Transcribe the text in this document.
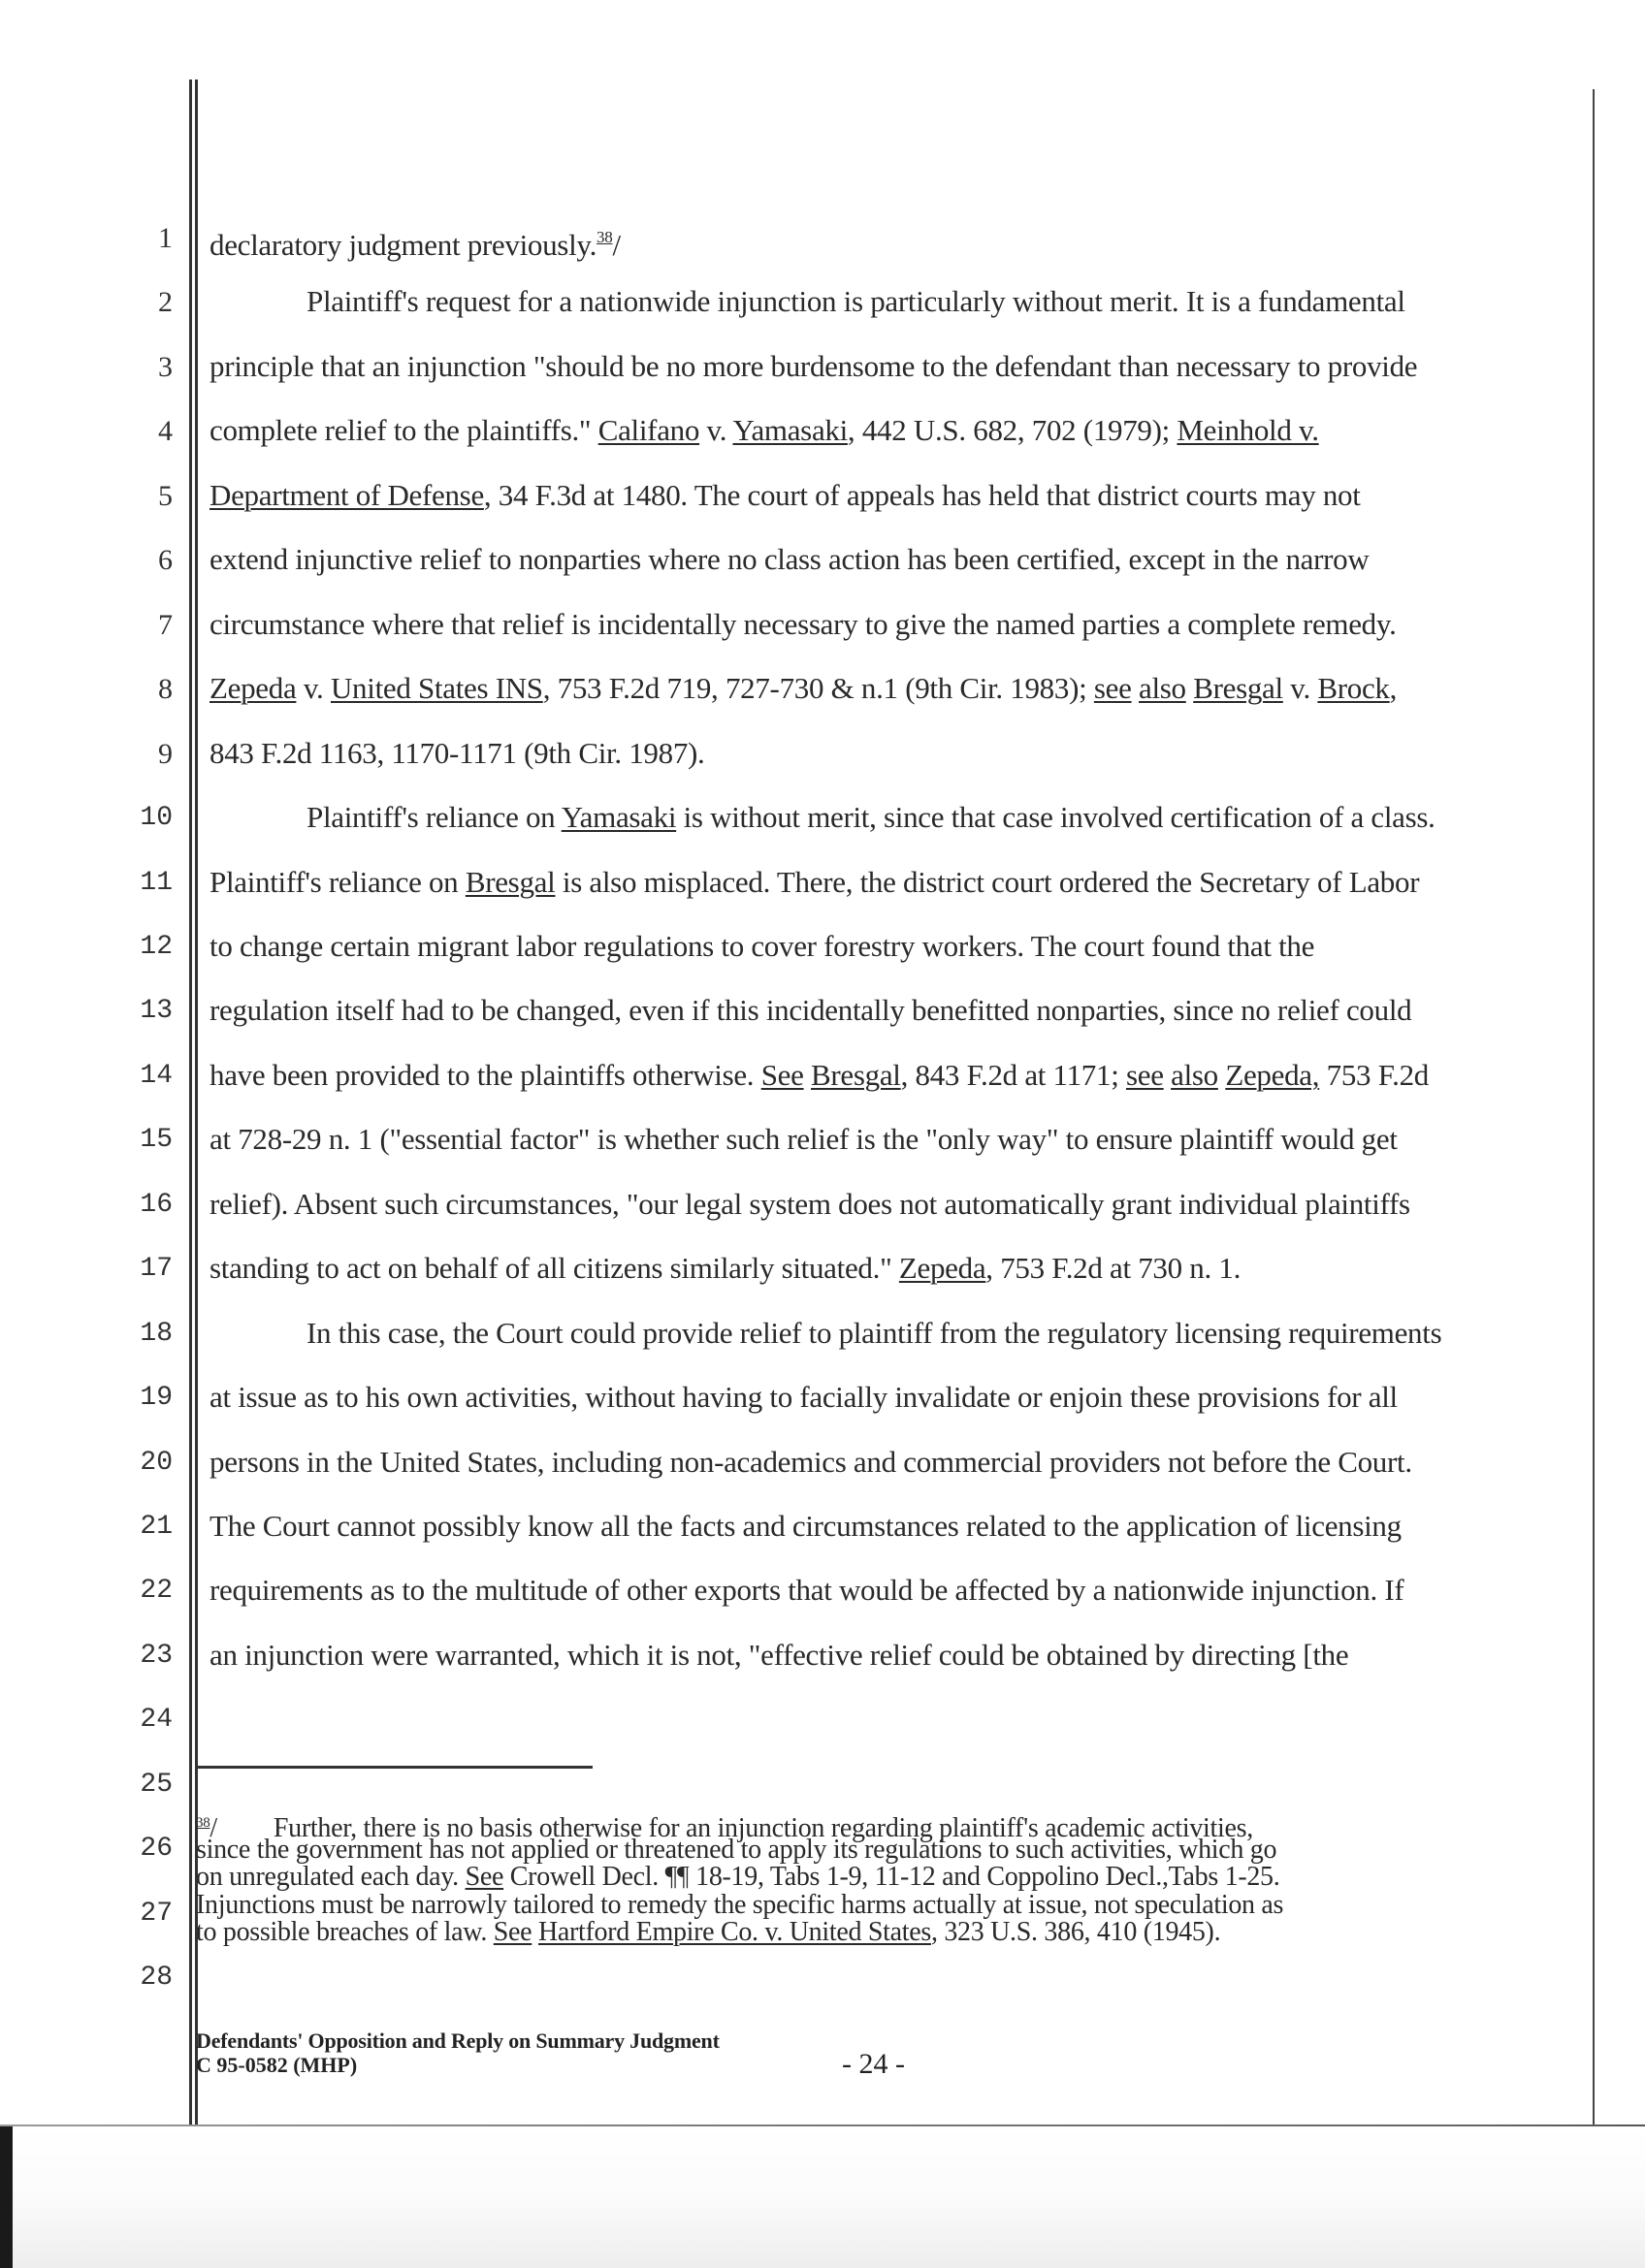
1
2
3
4
5
6
7
8
9
10
11
12
13
14
15
16
17
18
19
20
21
22
23
24
25
26
27
28
declaratory judgment previously.$^{38}$/
Plaintiff's request for a nationwide injunction is particularly without merit. It is a fundamental
principle that an injunction "should be no more burdensome to the defendant than necessary to provide
complete relief to the plaintiffs." Califano v. Yamasaki, 442 U.S. 682, 702 (1979); Meinhold v.
Department of Defense, 34 F.3d at 1480. The court of appeals has held that district courts may not
extend injunctive relief to nonparties where no class action has been certified, except in the narrow
circumstance where that relief is incidentally necessary to give the named parties a complete remedy.
Zepeda v. United States INS, 753 F.2d 719, 727-730 & n.1 (9th Cir. 1983); see also Bresgal v. Brock,
843 F.2d 1163, 1170-1171 (9th Cir. 1987).
Plaintiff's reliance on Yamasaki is without merit, since that case involved certification of a class.
Plaintiff's reliance on Bresgal is also misplaced. There, the district court ordered the Secretary of Labor
to change certain migrant labor regulations to cover forestry workers. The court found that the
regulation itself had to be changed, even if this incidentally benefitted nonparties, since no relief could
have been provided to the plaintiffs otherwise. See Bresgal, 843 F.2d at 1171; see also Zepeda, 753 F.2d
at 728-29 n. 1 ("essential factor" is whether such relief is the "only way" to ensure plaintiff would get
relief). Absent such circumstances, "our legal system does not automatically grant individual plaintiffs
standing to act on behalf of all citizens similarly situated." Zepeda, 753 F.2d at 730 n. 1.
In this case, the Court could provide relief to plaintiff from the regulatory licensing requirements
at issue as to his own activities, without having to facially invalidate or enjoin these provisions for all
persons in the United States, including non-academics and commercial providers not before the Court.
The Court cannot possibly know all the facts and circumstances related to the application of licensing
requirements as to the multitude of other exports that would be affected by a nationwide injunction. If
an injunction were warranted, which it is not, "effective relief could be obtained by directing [the
$^{38}$/ Further, there is no basis otherwise for an injunction regarding plaintiff's academic activities,
since the government has not applied or threatened to apply its regulations to such activities, which go
on unregulated each day. See Crowell Decl. ¶¶ 18-19, Tabs 1-9, 11-12 and Coppolino Decl.,Tabs 1-25.
Injunctions must be narrowly tailored to remedy the specific harms actually at issue, not speculation as
to possible breaches of law. See Hartford Empire Co. v. United States, 323 U.S. 386, 410 (1945).
Defendants' Opposition and Reply on Summary Judgment
C 95-0582 (MHP)	- 24 -
